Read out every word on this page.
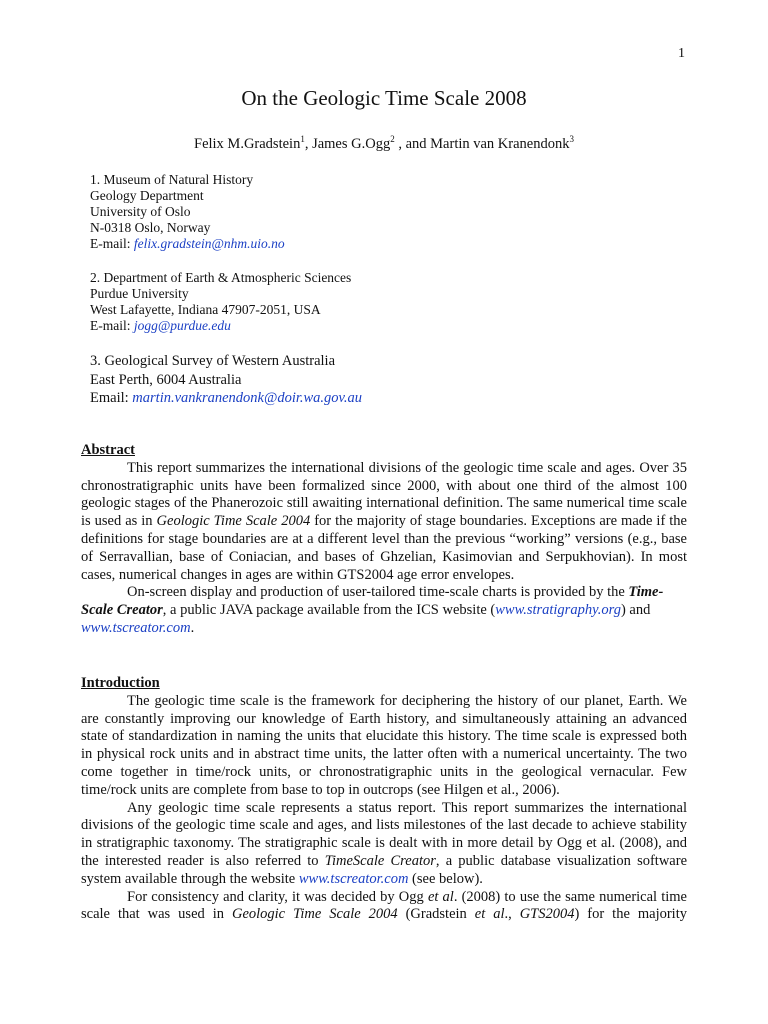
1
On the Geologic Time Scale 2008
Felix M.Gradstein$^1$, James G.Ogg$^2$ , and Martin van Kranendonk$^3$
1. Museum of Natural History
Geology Department
University of Oslo
N-0318 Oslo, Norway
E-mail: felix.gradstein@nhm.uio.no
2. Department of Earth & Atmospheric Sciences
Purdue University
West Lafayette, Indiana 47907-2051, USA
E-mail: jogg@purdue.edu
3. Geological Survey of Western Australia
East Perth, 6004 Australia
Email: martin.vankranendonk@doir.wa.gov.au
Abstract
This report summarizes the international divisions of the geologic time scale and ages. Over 35 chronostratigraphic units have been formalized since 2000, with about one third of the almost 100 geologic stages of the Phanerozoic still awaiting international definition. The same numerical time scale is used as in Geologic Time Scale 2004 for the majority of stage boundaries. Exceptions are made if the definitions for stage boundaries are at a different level than the previous “working” versions (e.g., base of Serravallian, base of Coniacian, and bases of Ghzelian, Kasimovian and Serpukhovian). In most cases, numerical changes in ages are within GTS2004 age error envelopes.
On-screen display and production of user-tailored time-scale charts is provided by the Time-Scale Creator, a public JAVA package available from the ICS website (www.stratigraphy.org) and www.tscreator.com.
Introduction
The geologic time scale is the framework for deciphering the history of our planet, Earth. We are constantly improving our knowledge of Earth history, and simultaneously attaining an advanced state of standardization in naming the units that elucidate this history. The time scale is expressed both in physical rock units and in abstract time units, the latter often with a numerical uncertainty. The two come together in time/rock units, or chronostratigraphic units in the geological vernacular. Few time/rock units are complete from base to top in outcrops (see Hilgen et al., 2006).
Any geologic time scale represents a status report. This report summarizes the international divisions of the geologic time scale and ages, and lists milestones of the last decade to achieve stability in stratigraphic taxonomy. The stratigraphic scale is dealt with in more detail by Ogg et al. (2008), and the interested reader is also referred to TimeScale Creator, a public database visualization software system available through the website www.tscreator.com (see below).
For consistency and clarity, it was decided by Ogg et al. (2008) to use the same numerical time scale that was used in Geologic Time Scale 2004 (Gradstein et al., GTS2004) for the majority
